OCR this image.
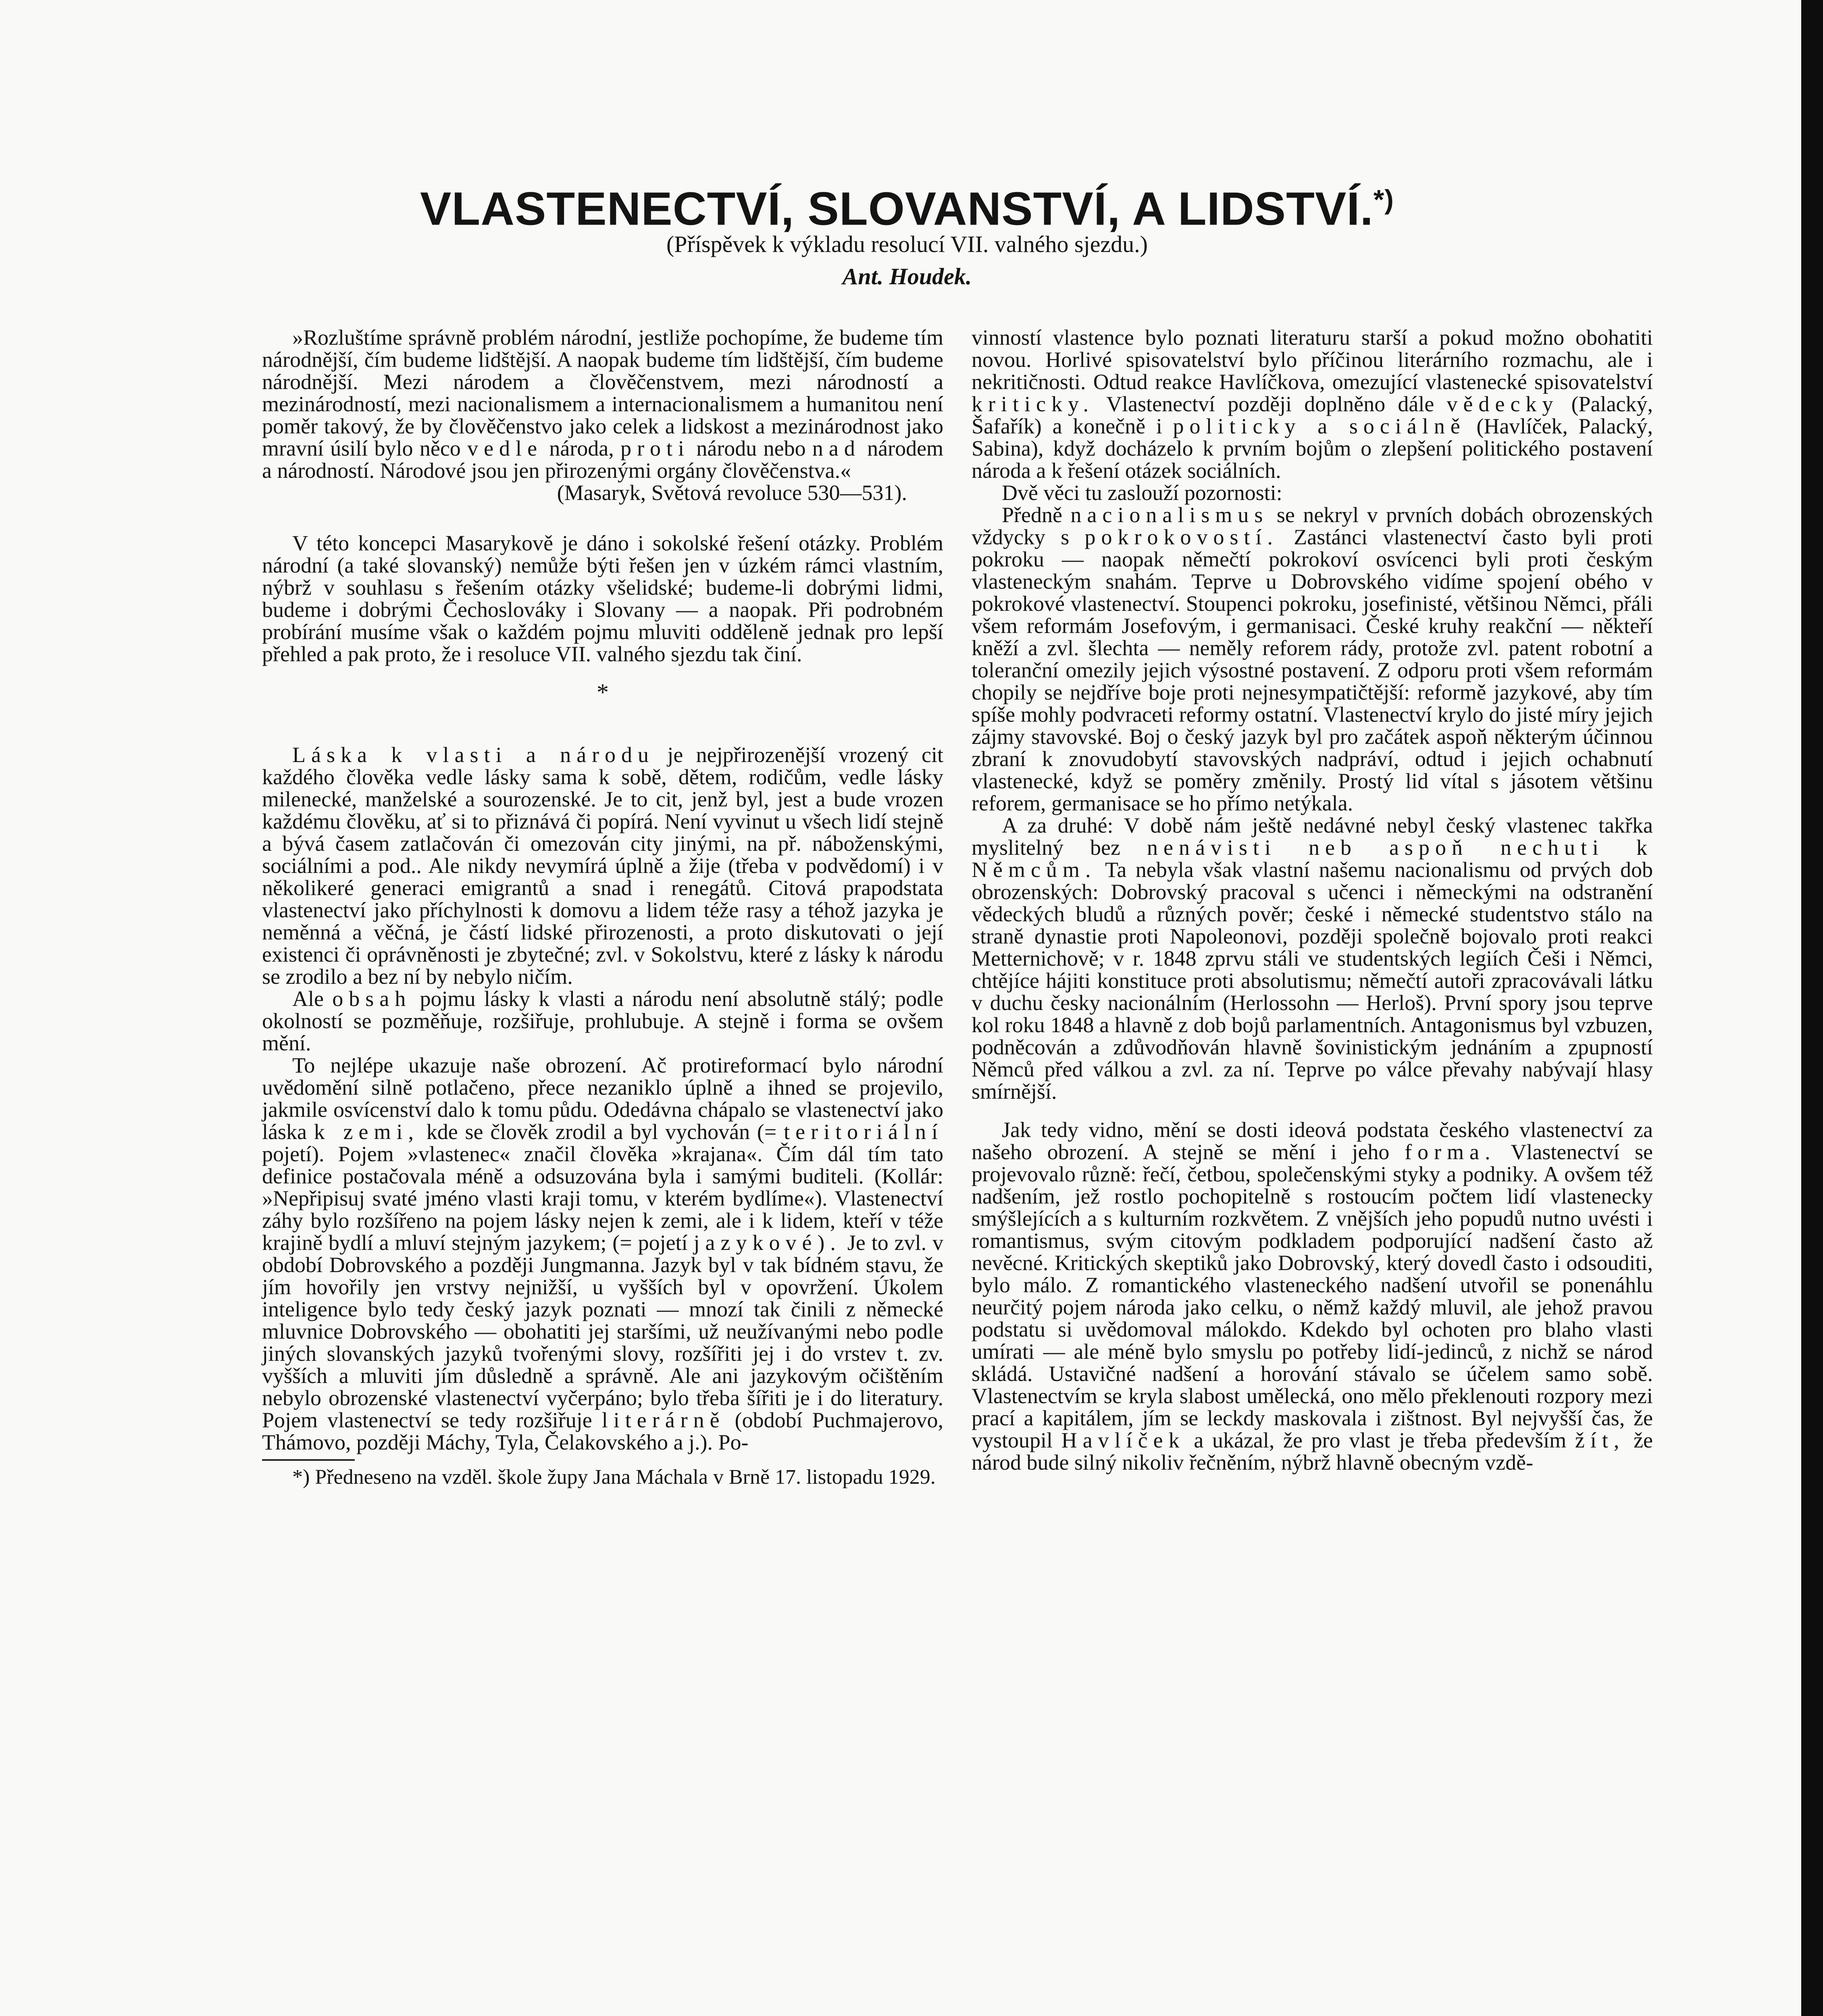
VLASTENECTVÍ, SLOVANSTVÍ, A LIDSTVÍ.*)
(Příspěvek k výkladu resolucí VII. valného sjezdu.)
Ant. Houdek.

»Rozluštíme správně problém národní, jestliže pochopíme, že budeme tím národnější, čím budeme lidštější. A naopak budeme tím lidštější, čím budeme národnější. Mezi národem a člověčenstvem, mezi národností a mezinárodností, mezi nacionalismem a internacionalismem a humanitou není poměr takový, že by člověčenstvo jako celek a lidskost a mezinárodnost jako mravní úsilí bylo něco vedle národa, proti národu nebo nad národem a národností. Národové jsou jen přirozenými orgány člověčenstva.«

(Masaryk, Světová revoluce 530—531).

V této koncepci Masarykově je dáno i sokolské řešení otázky. Problém národní (a také slovanský) nemůže býti řešen jen v úzkém rámci vlastním, nýbrž v souhlasu s řešením otázky všelidské; budeme-li dobrými lidmi, budeme i dobrými Čechoslováky i Slovany — a naopak. Při podrobném probírání musíme však o každém pojmu mluviti odděleně jednak pro lepší přehled a pak proto, že i resoluce VII. valného sjezdu tak činí.

*

Láska k vlasti a národu je nejpřirozenější vrozený cit každého člověka vedle lásky sama k sobě, dětem, rodičům, vedle lásky milenecké, manželské a sourozenské. Je to cit, jenž byl, jest a bude vrozen každému člověku, ať si to přiznává či popírá. Není vyvinut u všech lidí stejně a bývá časem zatlačován či omezován city jinými, na př. náboženskými, sociálními a pod.. Ale nikdy nevymírá úplně a žije (třeba v podvědomí) i v několikeré generaci emigrantů a snad i renegátů. Citová prapodstata vlastenectví jako příchylnosti k domovu a lidem téže rasy a téhož jazyka je neměnná a věčná, je částí lidské přirozenosti, a proto diskutovati o její existenci či oprávněnosti je zbytečné; zvl. v Sokolstvu, které z lásky k národu se zrodilo a bez ní by nebylo ničím.

Ale obsah pojmu lásky k vlasti a národu není absolutně stálý; podle okolností se pozměňuje, rozšiřuje, prohlubuje. A stejně i forma se ovšem mění.

To nejlépe ukazuje naše obrození. Ač protireformací bylo národní uvědomění silně potlačeno, přece nezaniklo úplně a ihned se projevilo, jakmile osvícenství dalo k tomu půdu. Odedávna chápalo se vlastenectví jako láska k zemi, kde se člověk zrodil a byl vychován (= teritoriální pojetí). Pojem »vlastenec« značil člověka »krajana«. Čím dál tím tato definice postačovala méně a odsuzována byla i samými buditeli. (Kollár: »Nepřipisuj svaté jméno vlasti kraji tomu, v kterém bydlíme«). Vlastenectví záhy bylo rozšířeno na pojem lásky nejen k zemi, ale i k lidem, kteří v téže krajině bydlí a mluví stejným jazykem; (= pojetí jazykové). Je to zvl. v období Dobrovského a později Jungmanna. Jazyk byl v tak bídném stavu, že jím hovořily jen vrstvy nejnižší, u vyšších byl v opovržení. Úkolem inteligence bylo tedy český jazyk poznati — mnozí tak činili z německé mluvnice Dobrovského — obohatiti jej staršími, už neužívanými nebo podle jiných slovanských jazyků tvořenými slovy, rozšířiti jej i do vrstev t. zv. vyšších a mluviti jím důsledně a správně. Ale ani jazykovým očištěním nebylo obrozenské vlastenectví vyčerpáno; bylo třeba šířiti je i do literatury. Pojem vlastenectví se tedy rozšiřuje literárně (období Puchmajerovo, Thámovo, později Máchy, Tyla, Čelakovského a j.). Po-

*) Předneseno na vzděl. škole župy Jana Máchala v Brně 17. listopadu 1929.

vinností vlastence bylo poznati literaturu starší a pokud možno obohatiti novou. Horlivé spisovatelství bylo příčinou literárního rozmachu, ale i nekritičnosti. Odtud reakce Havlíčkova, omezující vlastenecké spisovatelství kriticky. Vlastenectví později doplněno dále vědecky (Palacký, Šafařík) a konečně i politicky a sociálně (Havlíček, Palacký, Sabina), když docházelo k prvním bojům o zlepšení politického postavení národa a k řešení otázek sociálních.

Dvě věci tu zaslouží pozornosti:

Předně nacionalismus se nekryl v prvních dobách obrozenských vždycky s pokrokovostí. Zastánci vlastenectví často byli proti pokroku — naopak němečtí pokrokoví osvícenci byli proti českým vlasteneckým snahám. Teprve u Dobrovského vidíme spojení obého v pokrokové vlastenectví. Stoupenci pokroku, josefinisté, většinou Němci, přáli všem reformám Josefovým, i germanisaci. České kruhy reakční — někteří kněží a zvl. šlechta — neměly reforem rády, protože zvl. patent robotní a toleranční omezily jejich výsostné postavení. Z odporu proti všem reformám chopily se nejdříve boje proti nejnesympatičtější: reformě jazykové, aby tím spíše mohly podvraceti reformy ostatní. Vlastenectví krylo do jisté míry jejich zájmy stavovské. Boj o český jazyk byl pro začátek aspoň některým účinnou zbraní k znovudobytí stavovských nadpráví, odtud i jejich ochabnutí vlastenecké, když se poměry změnily. Prostý lid vítal s jásotem většinu reforem, germanisace se ho přímo netýkala.

A za druhé: V době nám ještě nedávné nebyl český vlastenec takřka myslitelný bez nenávisti neb aspoň nechuti k Němcům. Ta nebyla však vlastní našemu nacionalismu od prvých dob obrozenských: Dobrovský pracoval s učenci i německými na odstranění vědeckých bludů a různých pověr; české i německé studentstvo stálo na straně dynastie proti Napoleonovi, později společně bojovalo proti reakci Metternichově; v r. 1848 zprvu stáli ve studentských legiích Češi i Němci, chtějíce hájiti konstituce proti absolutismu; němečtí autoři zpracovávali látku v duchu česky nacionálním (Herlossohn — Herloš). První spory jsou teprve kol roku 1848 a hlavně z dob bojů parlamentních. Antagonismus byl vzbuzen, podněcován a zdůvodňován hlavně šovinistickým jednáním a zpupností Němců před válkou a zvl. za ní. Teprve po válce převahy nabývají hlasy smírnější.

Jak tedy vidno, mění se dosti ideová podstata českého vlastenectví za našeho obrození. A stejně se mění i jeho forma. Vlastenectví se projevovalo různě: řečí, četbou, společenskými styky a podniky. A ovšem též nadšením, jež rostlo pochopitelně s rostoucím počtem lidí vlastenecky smýšlejících a s kulturním rozkvětem. Z vnějších jeho popudů nutno uvésti i romantismus, svým citovým podkladem podporující nadšení často až nevěcné. Kritických skeptiků jako Dobrovský, který dovedl často i odsouditi, bylo málo. Z romantického vlasteneckého nadšení utvořil se ponenáhlu neurčitý pojem národa jako celku, o němž každý mluvil, ale jehož pravou podstatu si uvědomoval málokdo. Kdekdo byl ochoten pro blaho vlasti umírati — ale méně bylo smyslu po potřeby lidí-jedinců, z nichž se národ skládá. Ustavičné nadšení a horování stávalo se účelem samo sobě. Vlastenectvím se kryla slabost umělecká, ono mělo překlenouti rozpory mezi prací a kapitálem, jím se leckdy maskovala i zištnost. Byl nejvyšší čas, že vystoupil Havlíček a ukázal, že pro vlast je třeba především žít, že národ bude silný nikoliv řečněním, nýbrž hlavně obecným vzdě-
